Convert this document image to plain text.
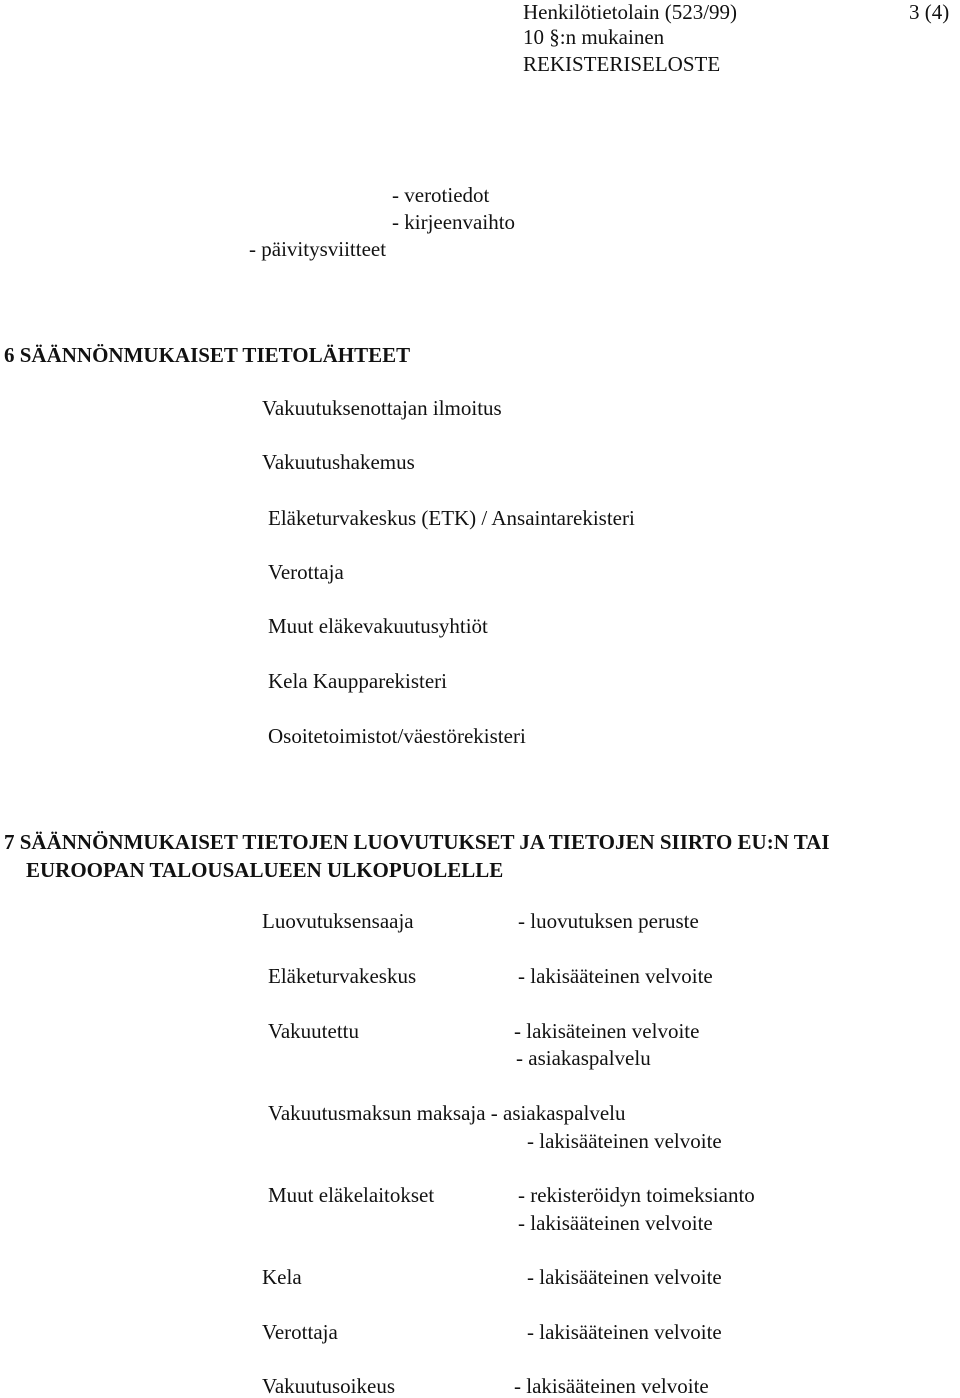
Henkilötietolain (523/99)	3 (4)
10 §:n mukainen
REKISTERISELOSTE
- verotiedot
- kirjeenvaihto
- päivitysviitteet
6 SÄÄNNÖNMUKAISET TIETOLÄHTEET
Vakuutuksenottajan ilmoitus
Vakuutushakemus
Eläketurvakeskus (ETK) / Ansaintarekisteri
Verottaja
Muut eläkevakuutusyhtiöt
Kela Kaupparekisteri
Osoitetoimistot/väestörekisteri
7 SÄÄNNÖNMUKAISET TIETOJEN LUOVUTUKSET JA TIETOJEN SIIRTO EU:N TAI
EUROOPAN TALOUSALUEEN ULKOPUOLELLE
Luovutuksensaaja	- luovutuksen peruste
Eläketurvakeskus	- lakisääteinen velvoite
Vakuutettu	- lakisäteinen velvoite
- asiakaspalvelu
Vakuutusmaksun maksaja - asiakaspalvelu
- lakisääteinen velvoite
Muut eläkelaitokset	- rekisteröidyn toimeksianto
- lakisääteinen velvoite
Kela	- lakisääteinen velvoite
Verottaja	- lakisääteinen velvoite
Vakuutusoikeus	- lakisääteinen velvoite
